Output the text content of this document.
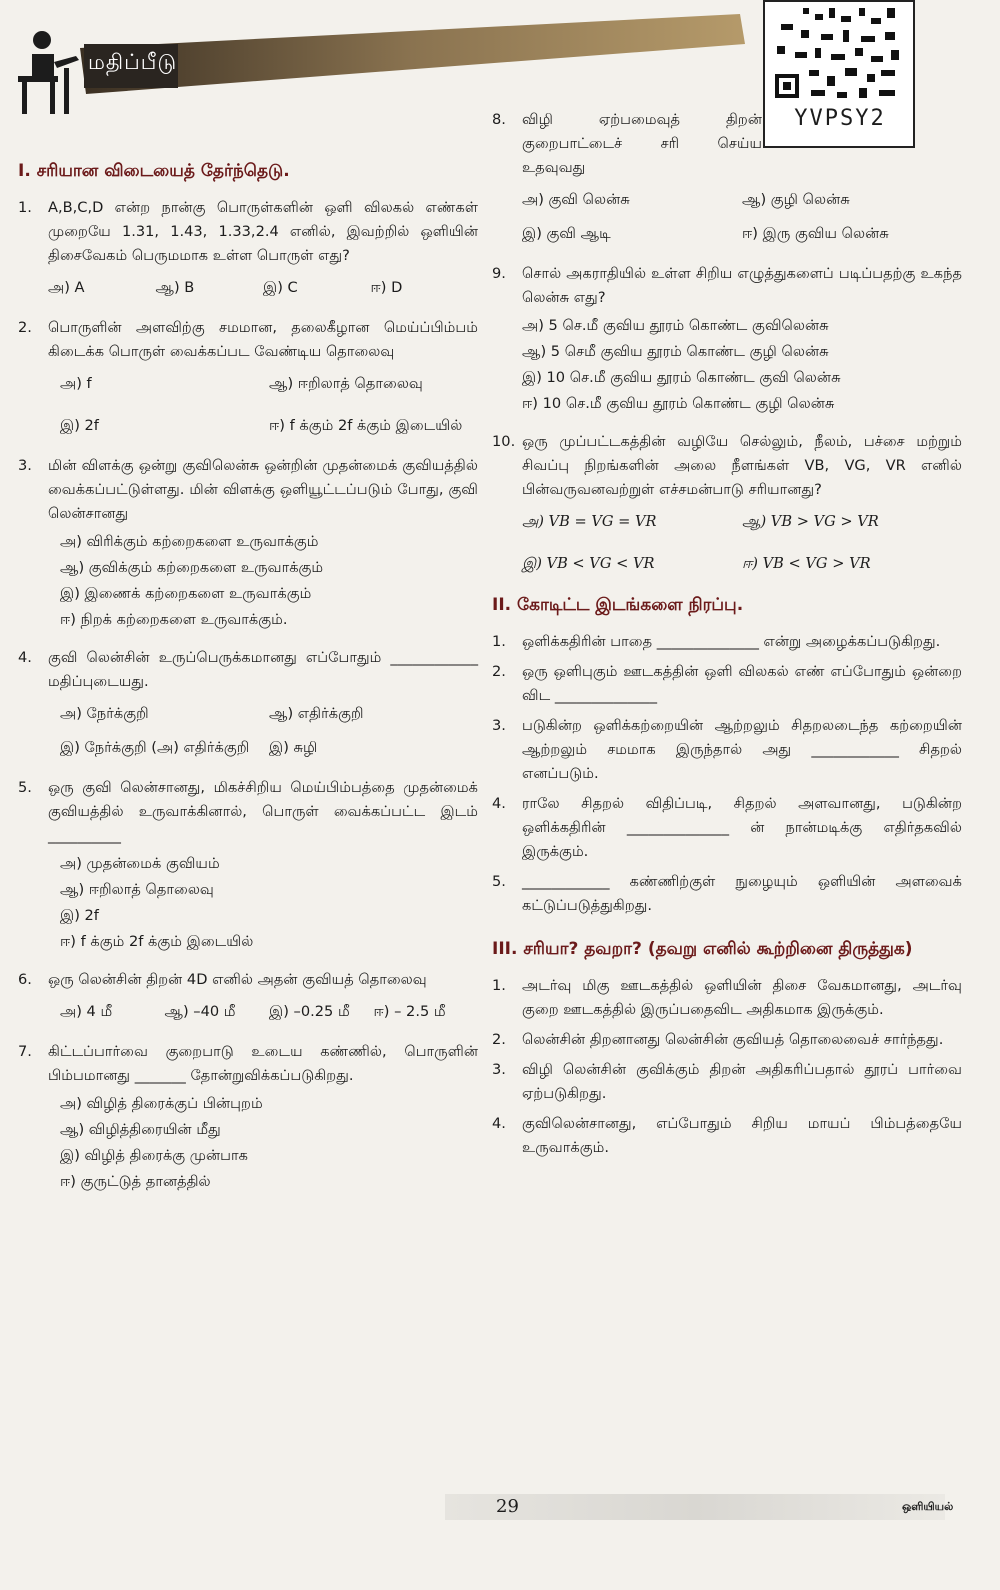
மதிப்பீடு
YVPSY2
I. சரியான விடையைத் தேர்ந்தெடு.
1.	A,B,C,D என்ற நான்கு பொருள்களின் ஒளி விலகல் எண்கள் முறையே 1.31, 1.43, 1.33,2.4 எனில், இவற்றில் ஒளியின் திசைவேகம் பெருமமாக உள்ள பொருள் எது?
அ) A	ஆ) B	இ) C	ஈ) D
2.	பொருளின் அளவிற்கு சமமான, தலைகீழான மெய்ப்பிம்பம் கிடைக்க பொருள் வைக்கப்பட வேண்டிய தொலைவு
அ) f	ஆ) ஈறிலாத் தொலைவு
இ) 2f	ஈ) f க்கும் 2f க்கும் இடையில்
3.	மின் விளக்கு ஒன்று குவிலென்சு ஒன்றின் முதன்மைக் குவியத்தில் வைக்கப்பட்டுள்ளது. மின் விளக்கு ஒளியூட்டப்படும் போது, குவி லென்சானது
அ) விரிக்கும் கற்றைகளை உருவாக்கும்
ஆ) குவிக்கும் கற்றைகளை உருவாக்கும்
இ) இணைக் கற்றைகளை உருவாக்கும்
ஈ) நிறக் கற்றைகளை உருவாக்கும்.
4.	குவி லென்சின் உருப்பெருக்கமானது எப்போதும் ____________ மதிப்புடையது.
அ) நேர்க்குறி	ஆ) எதிர்க்குறி
இ) நேர்க்குறி (அ) எதிர்க்குறி	இ) சுழி
5.	ஒரு குவி லென்சானது, மிகச்சிறிய மெய்பிம்பத்தை முதன்மைக் குவியத்தில் உருவாக்கினால், பொருள் வைக்கப்பட்ட இடம் __________
அ) முதன்மைக் குவியம்
ஆ) ஈறிலாத் தொலைவு
இ) 2f
ஈ) f க்கும் 2f க்கும் இடையில்
6.	ஒரு லென்சின் திறன் 4D எனில் அதன் குவியத் தொலைவு
அ) 4 மீ	ஆ) –40 மீ	இ) –0.25 மீ	ஈ) – 2.5 மீ
7.	கிட்டப்பார்வை குறைபாடு உடைய கண்ணில், பொருளின் பிம்பமானது _______ தோன்றுவிக்கப்படுகிறது.
அ) விழித் திரைக்குப் பின்புறம்
ஆ) விழித்திரையின் மீது
இ) விழித் திரைக்கு முன்பாக
ஈ) குருட்டுத் தானத்தில்
8.	விழி ஏற்பமைவுத் திறன் குறைபாட்டைச் சரி செய்ய உதவுவது
அ) குவி லென்சு	ஆ) குழி லென்சு
இ) குவி ஆடி	ஈ) இரு குவிய லென்சு
9.	சொல் அகராதியில் உள்ள சிறிய எழுத்துகளைப் படிப்பதற்கு உகந்த லென்சு எது?
அ) 5 செ.மீ குவிய தூரம் கொண்ட குவிலென்சு
ஆ) 5 செமீ குவிய தூரம் கொண்ட குழி லென்சு
இ) 10 செ.மீ குவிய தூரம் கொண்ட குவி லென்சு
ஈ) 10 செ.மீ குவிய தூரம் கொண்ட குழி லென்சு
10. ஒரு முப்பட்டகத்தின் வழியே செல்லும், நீலம், பச்சை மற்றும் சிவப்பு நிறங்களின் அலை நீளங்கள் VB, VG, VR எனில் பின்வருவனவற்றுள் எச்சமன்பாடு சரியானது?
அ) VB = VG = VR	ஆ) VB > VG > VR
இ) VB < VG < VR	ஈ) VB < VG > VR
II. கோடிட்ட இடங்களை நிரப்பு.
1.	ஒளிக்கதிரின் பாதை ______________ என்று அழைக்கப்படுகிறது.
2.	ஒரு ஒளிபுகும் ஊடகத்தின் ஒளி விலகல் எண் எப்போதும் ஒன்றை விட ______________
3.	படுகின்ற ஒளிக்கற்றையின் ஆற்றலும் சிதறலடைந்த கற்றையின் ஆற்றலும் சமமாக இருந்தால் அது ____________ சிதறல் எனப்படும்.
4.	ராலே சிதறல் விதிப்படி, சிதறல் அளவானது, படுகின்ற ஒளிக்கதிரின் ______________ ன் நான்மடிக்கு எதிர்தகவில் இருக்கும்.
5.	____________ கண்ணிற்குள் நுழையும் ஒளியின் அளவைக் கட்டுப்படுத்துகிறது.
III. சரியா? தவறா? (தவறு எனில் கூற்றினை திருத்துக)
1.	அடர்வு மிகு ஊடகத்தில் ஒளியின் திசை வேகமானது, அடர்வு குறை ஊடகத்தில் இருப்பதைவிட அதிகமாக இருக்கும்.
2.	லென்சின் திறனானது லென்சின் குவியத் தொலைவைச் சார்ந்தது.
3.	விழி லென்சின் குவிக்கும் திறன் அதிகரிப்பதால் தூரப் பார்வை ஏற்படுகிறது.
4.	குவிலென்சானது, எப்போதும் சிறிய மாயப் பிம்பத்தையே உருவாக்கும்.
29	ஒளியியல்
